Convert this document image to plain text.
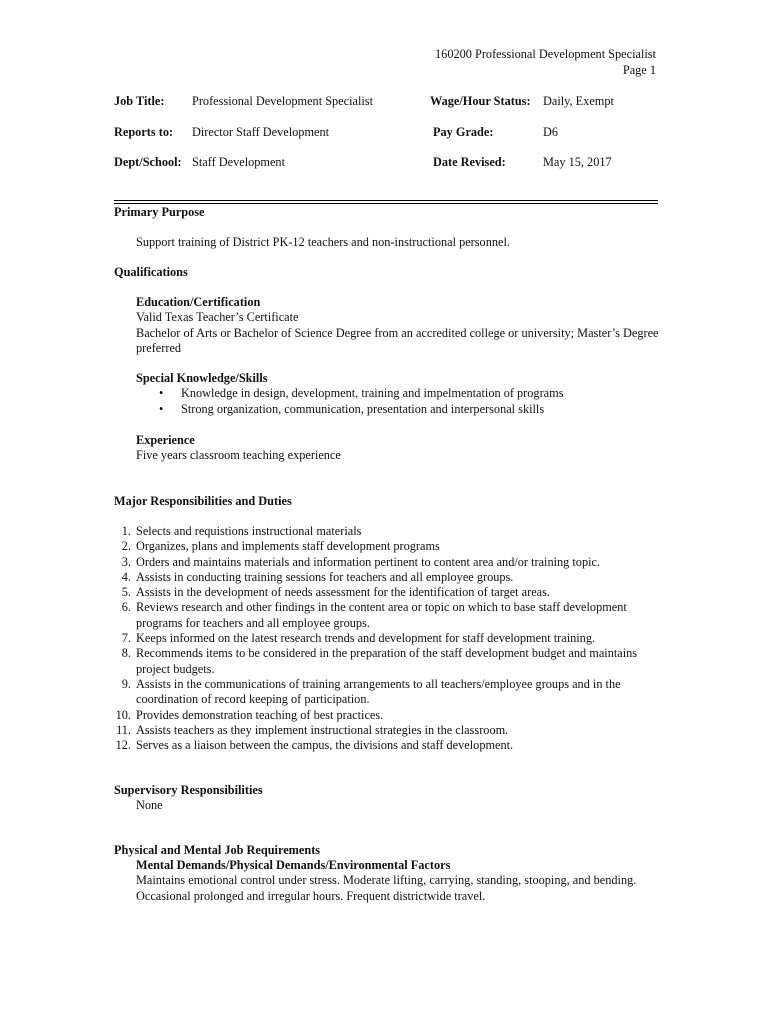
160200 Professional Development Specialist
Page 1
Job Title: Professional Development Specialist
Reports to: Director Staff Development
Dept/School: Staff Development
Wage/Hour Status: Daily, Exempt
Pay Grade:	D6
Date Revised:	May 15, 2017
Primary Purpose
Support training of District PK-12 teachers and non-instructional personnel.
Qualifications
Education/Certification
Valid Texas Teacher’s Certificate
Bachelor of Arts or Bachelor of Science Degree from an accredited college or university; Master’s Degree preferred
Special Knowledge/Skills
• Knowledge in design, development, training and impelmentation of programs
• Strong organization, communication, presentation and interpersonal skills
Experience
Five years classroom teaching experience
Major Responsibilities and Duties
1. Selects and requistions instructional materials
2. Organizes, plans and implements staff development programs
3. Orders and maintains materials and information pertinent to content area and/or training topic.
4. Assists in conducting training sessions for teachers and all employee groups.
5. Assists in the development of needs assessment for the identification of target areas.
6. Reviews research and other findings in the content area or topic on which to base staff development programs for teachers and all employee groups.
7. Keeps informed on the latest research trends and development for staff development training.
8. Recommends items to be considered in the preparation of the staff development budget and maintains project budgets.
9. Assists in the communications of training arrangements to all teachers/employee groups and in the coordination of record keeping of participation.
10. Provides demonstration teaching of best practices.
11. Assists teachers as they implement instructional strategies in the classroom.
12. Serves as a liaison between the campus, the divisions and staff development.
Supervisory Responsibilities
None
Physical and Mental Job Requirements
Mental Demands/Physical Demands/Environmental Factors
Maintains emotional control under stress. Moderate lifting, carrying, standing, stooping, and bending.
Occasional prolonged and irregular hours. Frequent districtwide travel.
